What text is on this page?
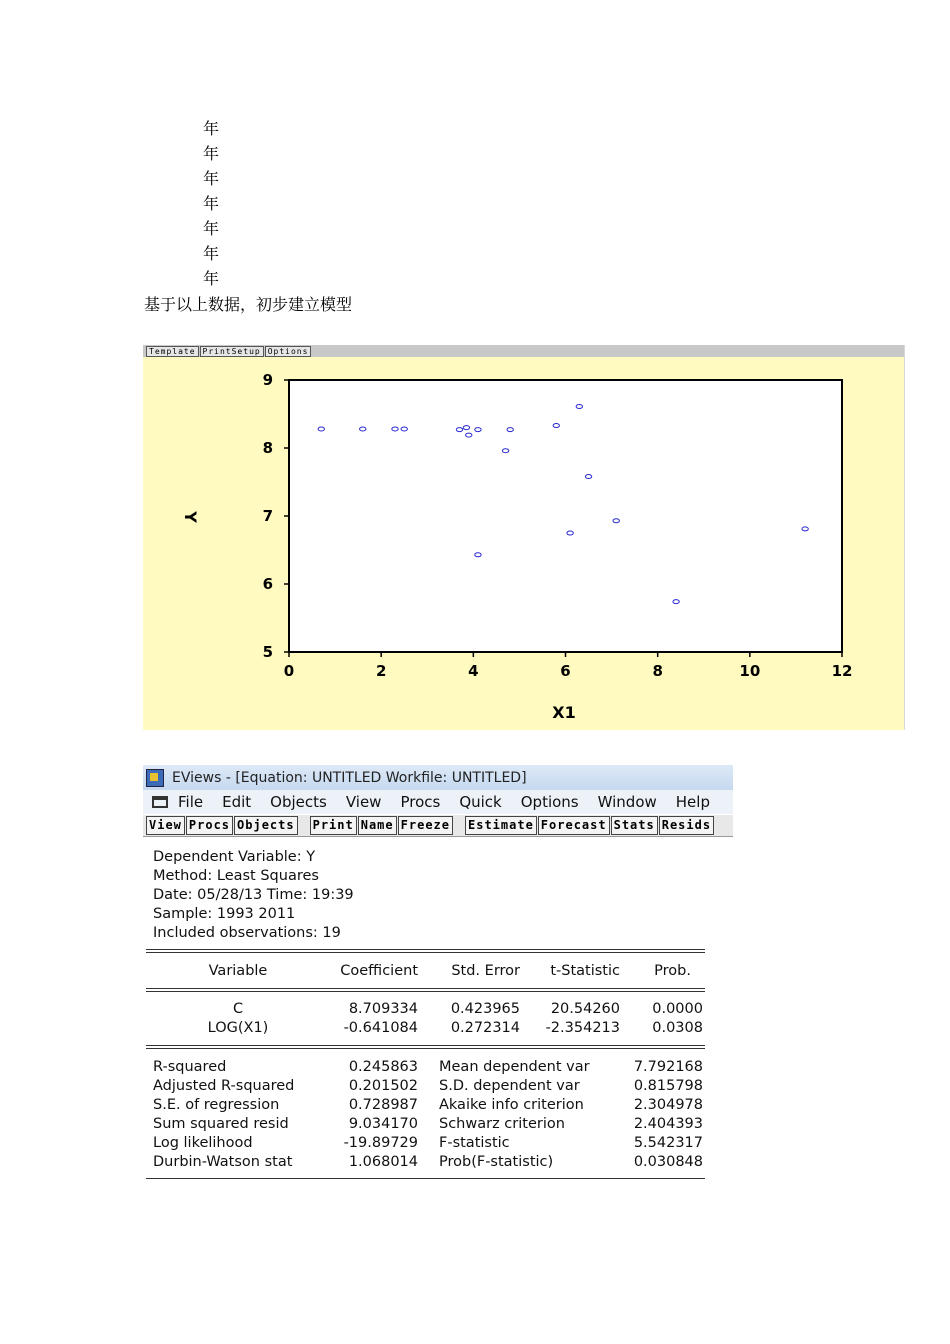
年
年
年
年
年
年
年
基于以上数据，初步建立模型
Template PrintSetup Options
0	2	4	6	8	10	12
5
6
7
8
9
X1
Y
EViews - [Equation: UNTITLED Workfile: UNTITLED]
File Edit Objects View Procs Quick Options Window Help
View Procs Objects Print Name Freeze Estimate Forecast Stats Resids
Dependent Variable: Y
Method: Least Squares
Date: 05/28/13 Time: 19:39
Sample: 1993 2011
Included observations: 19
Variable	Coefficient	Std. Error	t-Statistic	Prob.
C	8.709334	0.423965	20.54260	0.0000
LOG(X1)	-0.641084	0.272314	-2.354213	0.0308
R-squared	0.245863 Mean dependent var	7.792168
Adjusted R-squared	0.201502 S.D. dependent var	0.815798
S.E. of regression	0.728987 Akaike info criterion	2.304978
Sum squared resid	9.034170 Schwarz criterion	2.404393
Log likelihood	-19.89729 F-statistic	5.542317
Durbin-Watson stat	1.068014 Prob(F-statistic)	0.030848
